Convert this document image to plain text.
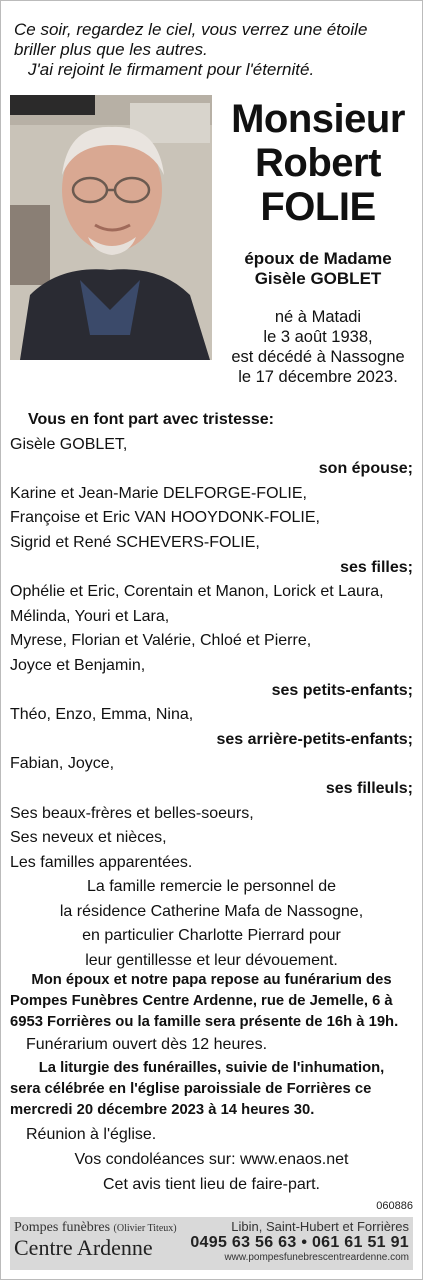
Ce soir, regardez le ciel, vous verrez une étoile
briller plus que les autres.
J'ai rejoint le firmament pour l'éternité.
Monsieur
Robert
FOLIE
époux de Madame
Gisèle GOBLET
né à Matadi
le 3 août 1938,
est décédé à Nassogne
le 17 décembre 2023.
Vous en font part avec tristesse:
Gisèle GOBLET,
son épouse;
Karine et Jean-Marie DELFORGE-FOLIE,
Françoise et Eric VAN HOOYDONK-FOLIE,
Sigrid et René SCHEVERS-FOLIE,
ses filles;
Ophélie et Eric, Corentain et Manon, Lorick et Laura,
Mélinda, Youri et Lara,
Myrese, Florian et Valérie, Chloé et Pierre,
Joyce et Benjamin,
ses petits-enfants;
Théo, Enzo, Emma, Nina,
ses arrière-petits-enfants;
Fabian, Joyce,
ses filleuls;
Ses beaux-frères et belles-soeurs,
Ses neveux et nièces,
Les familles apparentées.
La famille remercie le personnel de
la résidence Catherine Mafa de Nassogne,
en particulier Charlotte Pierrard pour
leur gentillesse et leur dévouement.
Mon époux et notre papa repose au funérarium des
Pompes Funèbres Centre Ardenne, rue de Jemelle, 6 à
6953 Forrières ou la famille sera présente de 16h à 19h.
Funérarium ouvert dès 12 heures.
La liturgie des funérailles, suivie de l'inhumation,
sera célébrée en l'église paroissiale de Forrières ce
mercredi 20 décembre 2023 à 14 heures 30.
Réunion à l'église.
Vos condoléances sur: www.enaos.net
Cet avis tient lieu de faire-part.
060886
Pompes funèbres (Olivier Titeux)
Centre Ardenne
Libin, Saint-Hubert et Forrières
0495 63 56 63 • 061 61 51 91
www.pompesfunebrescentreardenne.com
